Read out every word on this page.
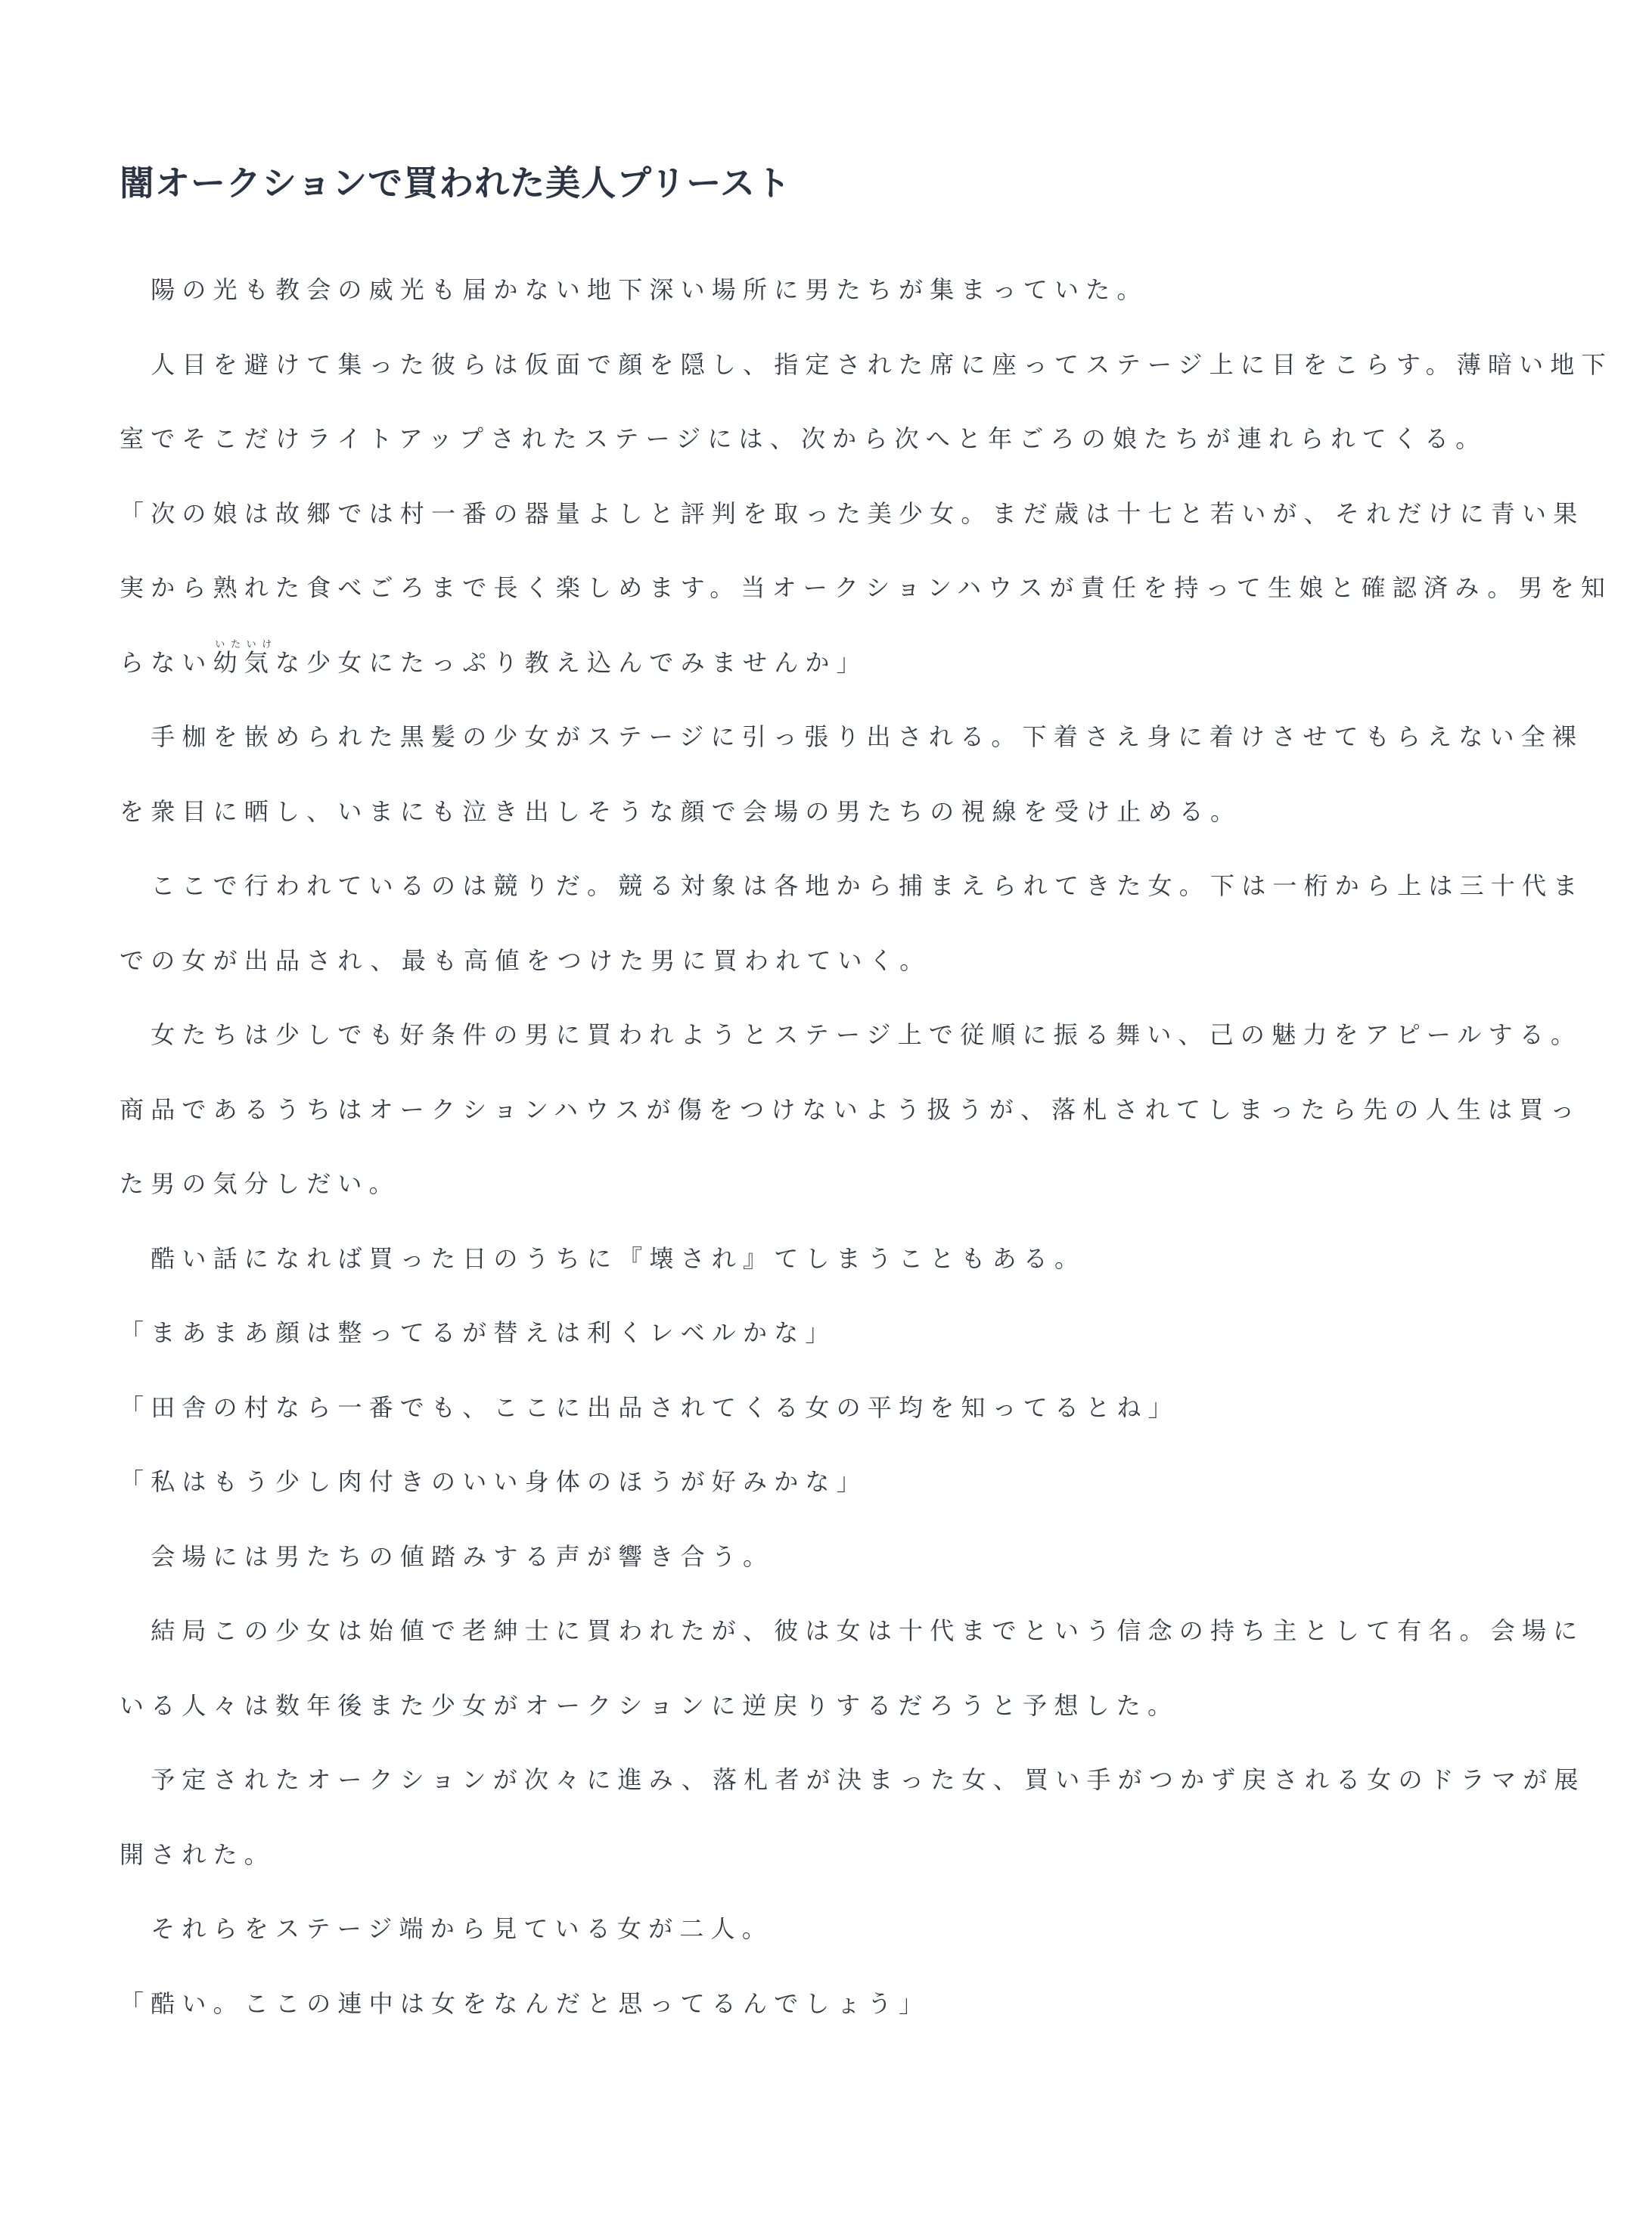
闇オークションで買われた美人プリースト

　陽の光も教会の威光も届かない地下深い場所に男たちが集まっていた。

　人目を避けて集った彼らは仮面で顔を隠し、指定された席に座ってステージ上に目をこらす。薄暗い地下

室でそこだけライトアップされたステージには、次から次へと年ごろの娘たちが連れられてくる。

「次の娘は故郷では村一番の器量よしと評判を取った美少女。まだ歳は十七と若いが、それだけに青い果

実から熟れた食べごろまで長く楽しめます。当オークションハウスが責任を持って生娘と確認済み。男を知

らない幼気いたいけな少女にたっぷり教え込んでみませんか」

　手枷を嵌められた黒髪の少女がステージに引っ張り出される。下着さえ身に着けさせてもらえない全裸

を衆目に晒し、いまにも泣き出しそうな顔で会場の男たちの視線を受け止める。

　ここで行われているのは競りだ。競る対象は各地から捕まえられてきた女。下は一桁から上は三十代ま

での女が出品され、最も高値をつけた男に買われていく。

　女たちは少しでも好条件の男に買われようとステージ上で従順に振る舞い、己の魅力をアピールする。

商品であるうちはオークションハウスが傷をつけないよう扱うが、落札されてしまったら先の人生は買っ

た男の気分しだい。

　酷い話になれば買った日のうちに『壊され』てしまうこともある。

「まあまあ顔は整ってるが替えは利くレベルかな」

「田舎の村なら一番でも、ここに出品されてくる女の平均を知ってるとね」

「私はもう少し肉付きのいい身体のほうが好みかな」

　会場には男たちの値踏みする声が響き合う。

　結局この少女は始値で老紳士に買われたが、彼は女は十代までという信念の持ち主として有名。会場に

いる人々は数年後また少女がオークションに逆戻りするだろうと予想した。

　予定されたオークションが次々に進み、落札者が決まった女、買い手がつかず戻される女のドラマが展

開された。

　それらをステージ端から見ている女が二人。

「酷い。ここの連中は女をなんだと思ってるんでしょう」
